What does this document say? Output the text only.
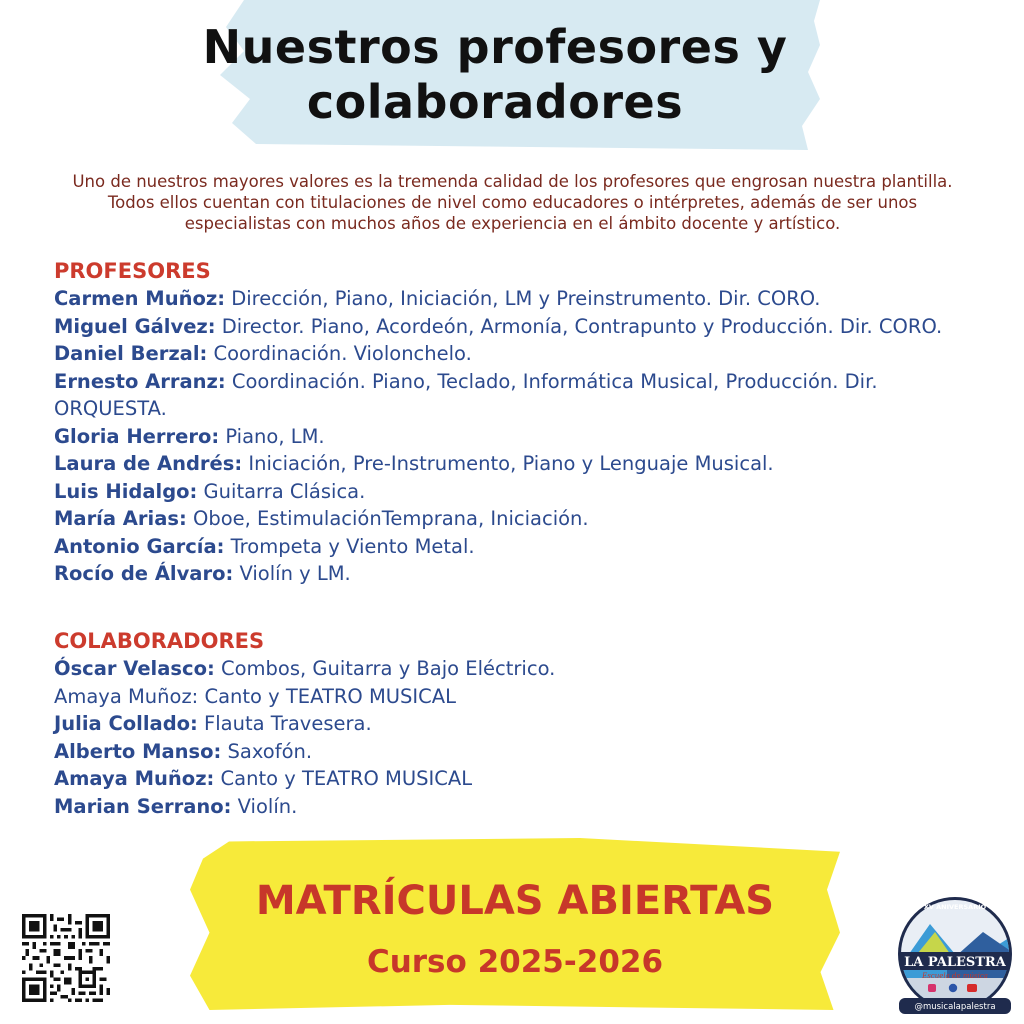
Nuestros profesores y colaboradores

Uno de nuestros mayores valores es la tremenda calidad de los profesores que engrosan nuestra plantilla. Todos ellos cuentan con titulaciones de nivel como educadores o intérpretes, además de ser unos especialistas con muchos años de experiencia en el ámbito docente y artístico.

PROFESORES

Carmen Muñoz: Dirección, Piano, Iniciación, LM y Preinstrumento. Dir. CORO.

Miguel Gálvez: Director. Piano, Acordeón, Armonía, Contrapunto y Producción. Dir. CORO.

Daniel Berzal: Coordinación. Violonchelo.

Ernesto Arranz: Coordinación. Piano, Teclado, Informática Musical, Producción. Dir. ORQUESTA.

Gloria Herrero: Piano, LM.

Laura de Andrés: Iniciación, Pre-Instrumento, Piano y Lenguaje Musical.

Luis Hidalgo: Guitarra Clásica.

María Arias: Oboe, EstimulaciónTemprana, Iniciación.

Antonio García: Trompeta y Viento Metal.

Rocío de Álvaro: Violín y LM.

COLABORADORES

Óscar Velasco: Combos, Guitarra y Bajo Eléctrico.

Amaya Muñoz: Canto y TEATRO MUSICAL

Julia Collado: Flauta Travesera.

Alberto Manso: Saxofón.

Amaya Muñoz: Canto y TEATRO MUSICAL

Marian Serrano: Violín.

MATRÍCULAS ABIERTAS

Curso 2025-2026

XV ANIVERSARIO
LA PALESTRA
Escuela de música
@musicalapalestra
